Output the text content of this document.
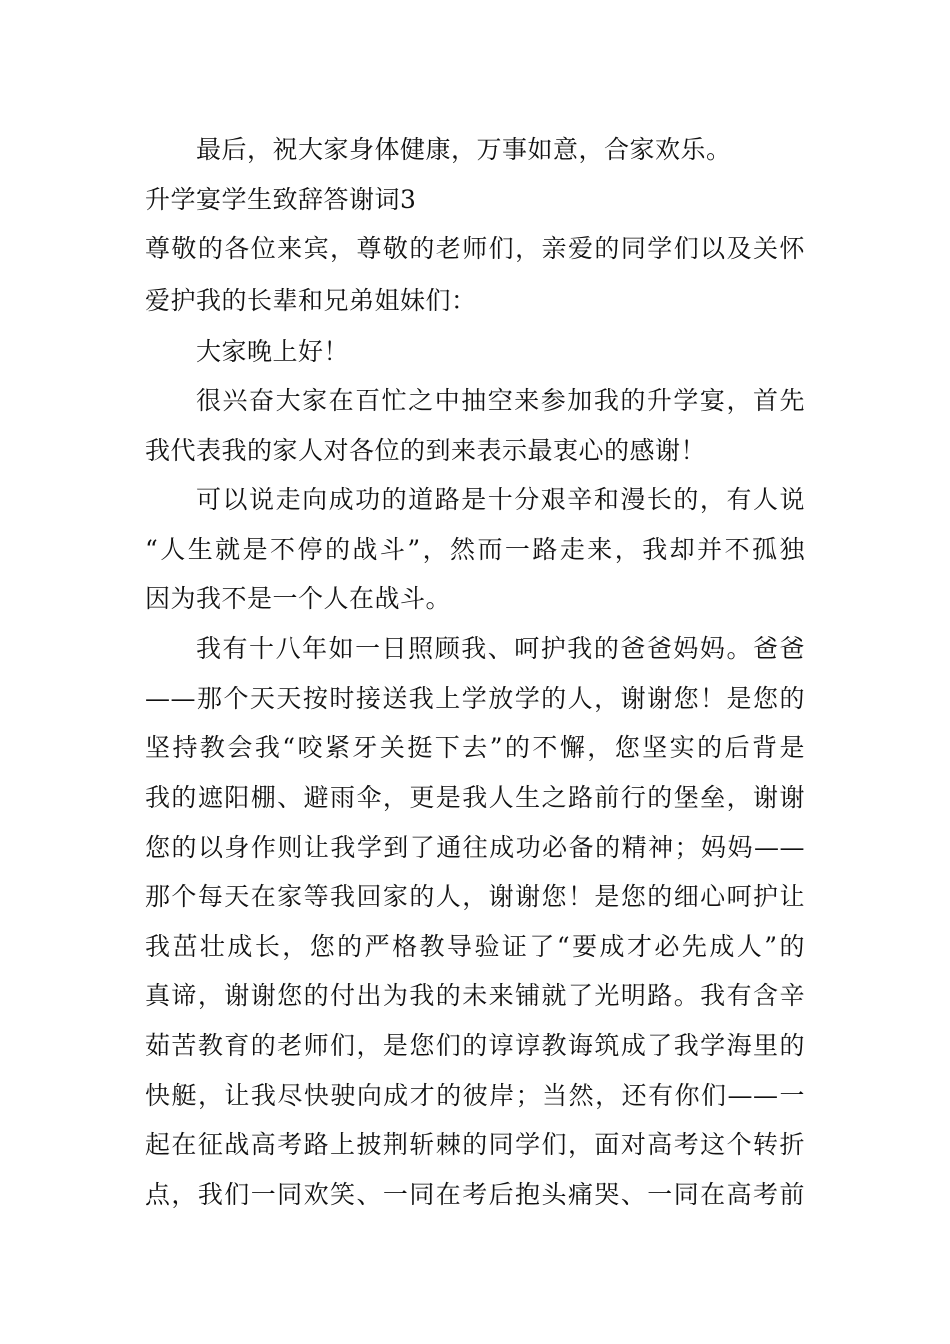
最后，祝大家身体健康，万事如意，合家欢乐。
升学宴学生致辞答谢词3
尊敬的各位来宾，尊敬的老师们，亲爱的同学们以及关怀
爱护我的长辈和兄弟姐妹们：
大家晚上好！
很兴奋大家在百忙之中抽空来参加我的升学宴，首先
我代表我的家人对各位的到来表示最衷心的感谢！
可以说走向成功的道路是十分艰辛和漫长的，有人说
“人生就是不停的战斗”，然而一路走来，我却并不孤独
因为我不是一个人在战斗。
我有十八年如一日照顾我、呵护我的爸爸妈妈。爸爸
——那个天天按时接送我上学放学的人，谢谢您！是您的
坚持教会我“咬紧牙关挺下去”的不懈，您坚实的后背是
我的遮阳棚、避雨伞，更是我人生之路前行的堡垒，谢谢
您的以身作则让我学到了通往成功必备的精神；妈妈——
那个每天在家等我回家的人，谢谢您！是您的细心呵护让
我茁壮成长，您的严格教导验证了“要成才必先成人”的
真谛，谢谢您的付出为我的未来铺就了光明路。我有含辛
茹苦教育的老师们，是您们的谆谆教诲筑成了我学海里的
快艇，让我尽快驶向成才的彼岸；当然，还有你们——一
起在征战高考路上披荆斩棘的同学们，面对高考这个转折
点，我们一同欢笑、一同在考后抱头痛哭、一同在高考前
